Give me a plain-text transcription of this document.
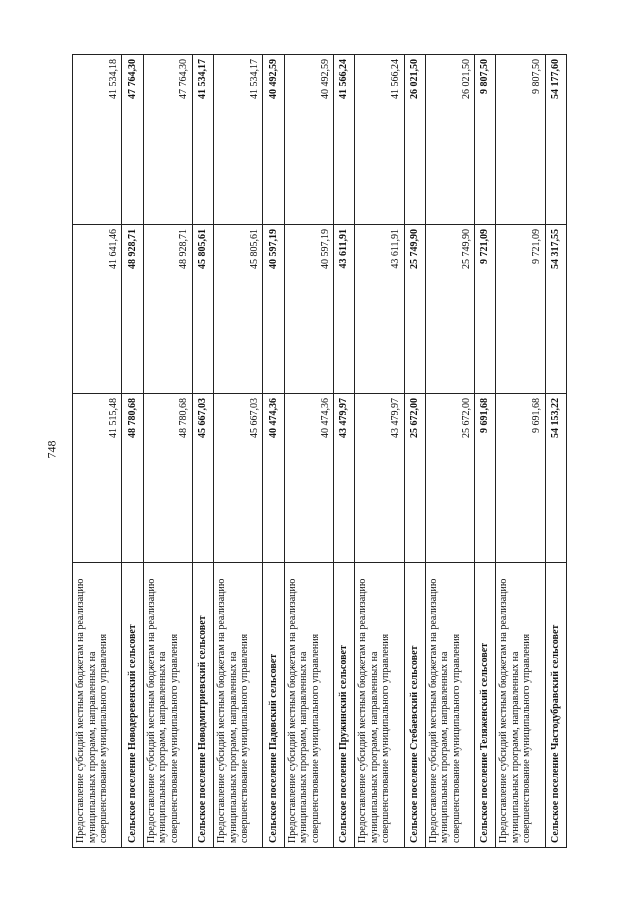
748
Предоставление субсидий местным бюджетам на реализацию муниципальных программ, направленных на совершенствование муниципального управления	41 515,48	41 641,46	41 534,18
Сельское поселение Новодеревенский сельсовет	48 780,68	48 928,71	47 764,30
Предоставление субсидий местным бюджетам на реализацию муниципальных программ, направленных на совершенствование муниципального управления	48 780,68	48 928,71	47 764,30
Сельское поселение Новодмитриевский сельсовет	45 667,03	45 805,61	41 534,17
Предоставление субсидий местным бюджетам на реализацию муниципальных программ, направленных на совершенствование муниципального управления	45 667,03	45 805,61	41 534,17
Сельское поселение Падовский сельсовет	40 474,36	40 597,19	40 492,59
Предоставление субсидий местным бюджетам на реализацию муниципальных программ, направленных на совершенствование муниципального управления	40 474,36	40 597,19	40 492,59
Сельское поселение Пружинский сельсовет	43 479,97	43 611,91	41 566,24
Предоставление субсидий местным бюджетам на реализацию муниципальных программ, направленных на совершенствование муниципального управления	43 479,97	43 611,91	41 566,24
Сельское поселение Стебаевский сельсовет	25 672,00	25 749,90	26 021,50
Предоставление субсидий местным бюджетам на реализацию муниципальных программ, направленных на совершенствование муниципального управления	25 672,00	25 749,90	26 021,50
Сельское поселение Теляженский сельсовет	9 691,68	9 721,09	9 807,50
Предоставление субсидий местным бюджетам на реализацию муниципальных программ, направленных на совершенствование муниципального управления	9 691,68	9 721,09	9 807,50
Сельское поселение Частодубравский сельсовет	54 153,22	54 317,55	54 177,60
